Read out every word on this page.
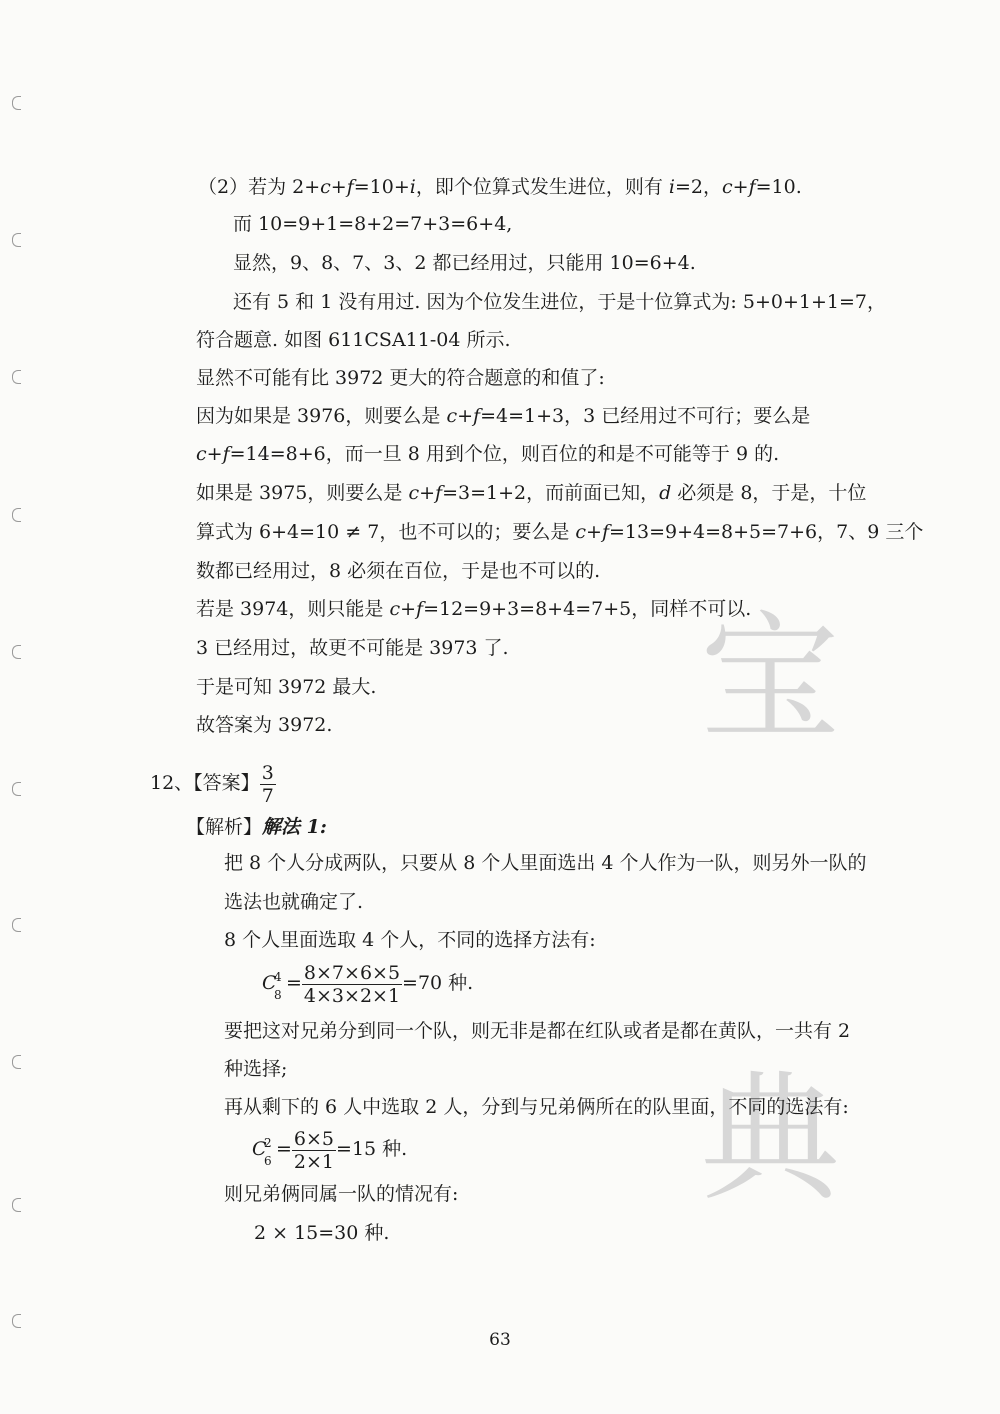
宝
典
（2）若为 2+c+f=10+i，即个位算式发生进位，则有 i=2，c+f=10.
而 10=9+1=8+2=7+3=6+4,
显然，9、8、7、3、2 都已经用过，只能用 10=6+4.
还有 5 和 1 没有用过. 因为个位发生进位，于是十位算式为: 5+0+1+1=7，
符合题意. 如图 611CSA11-04 所示.
显然不可能有比 3972 更大的符合题意的和值了:
因为如果是 3976，则要么是 c+f=4=1+3，3 已经用过不可行；要么是
c+f=14=8+6，而一旦 8 用到个位，则百位的和是不可能等于 9 的.
如果是 3975，则要么是 c+f=3=1+2，而前面已知，d 必须是 8，于是，十位
算式为 6+4=10 ≠ 7，也不可以的；要么是 c+f=13=9+4=8+5=7+6，7、9 三个
数都已经用过，8 必须在百位，于是也不可以的.
若是 3974，则只能是 c+f=12=9+3=8+4=7+5，同样不可以.
3 已经用过，故更不可能是 3973 了.
于是可知 3972 最大.
故答案为 3972.
12、【答案】 $\frac{3}{7}$
【解析】解法 1:
把 8 个人分成两队，只要从 8 个人里面选出 4 个人作为一队，则另外一队的
选法也就确定了.
8 个人里面选取 4 个人，不同的选择方法有:
C
4
8
= $\frac{8\times 7\times 6\times 5}{4\times 3\times 2\times 1} =70$ 种.
要把这对兄弟分到同一个队，则无非是都在红队或者是都在黄队，一共有 2
种选择;
再从剩下的 6 人中选取 2 人，分到与兄弟俩所在的队里面，不同的选法有:
C
2
6
= $\frac{6\times 5}{2\times 1} =15$ 种.
则兄弟俩同属一队的情况有:
2 × 15=30 种.
63
